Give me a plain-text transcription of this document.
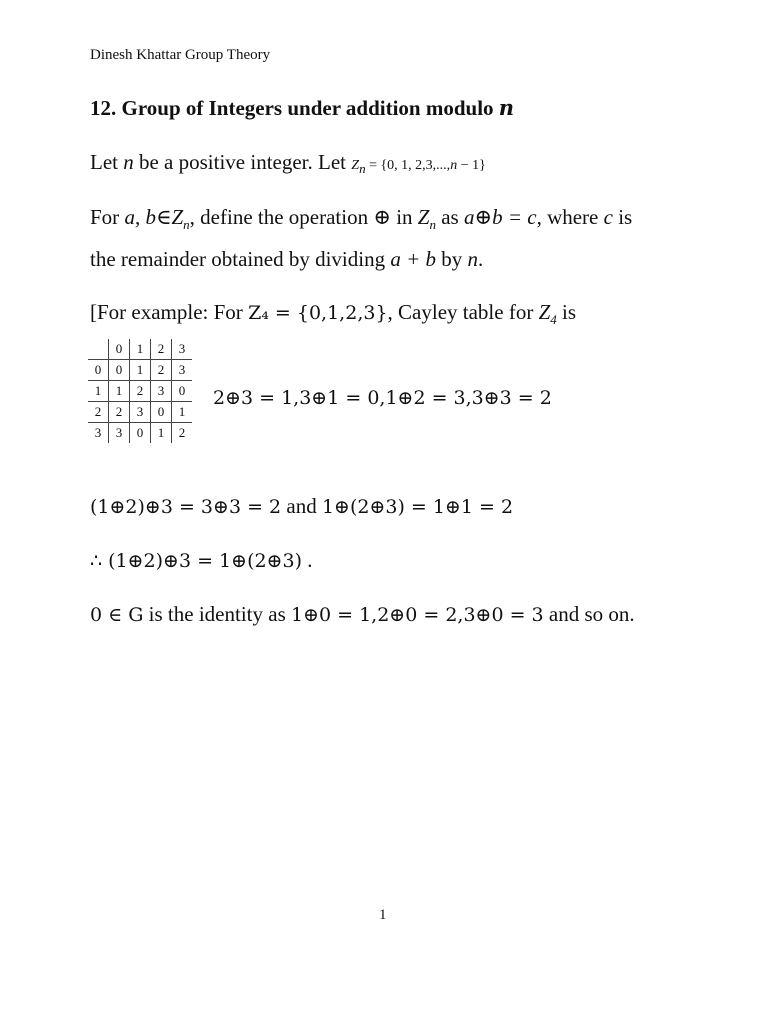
Dinesh Khattar Group Theory
12. Group of Integers under addition modulo n
Let n be a positive integer. Let $Z_n = \{0$, 1, 2,3,...,n − 1}
For a, $b\in Z_n$, define the operation ⊕ in $Z_n$ as a⊕b = c, where c is
the remainder obtained by dividing a + b by n.
[For example: For Z₄ = {0,1,2,3}, Cayley table for $Z_4$ is
	0	1	2	3
0	0	1	2	3
1	1	2	3	0
2	2	3	0	1
3	3	0	1	2
2⊕3 = 1,3⊕1 = 0,1⊕2 = 3,3⊕3 = 2
(1⊕2)⊕3 = 3⊕3 = 2 and 1⊕(2⊕3) = 1⊕1 = 2
∴ (1⊕2)⊕3 = 1⊕(2⊕3) .
0 ∈ G is the identity as 1⊕0 = 1,2⊕0 = 2,3⊕0 = 3 and so on.
1
